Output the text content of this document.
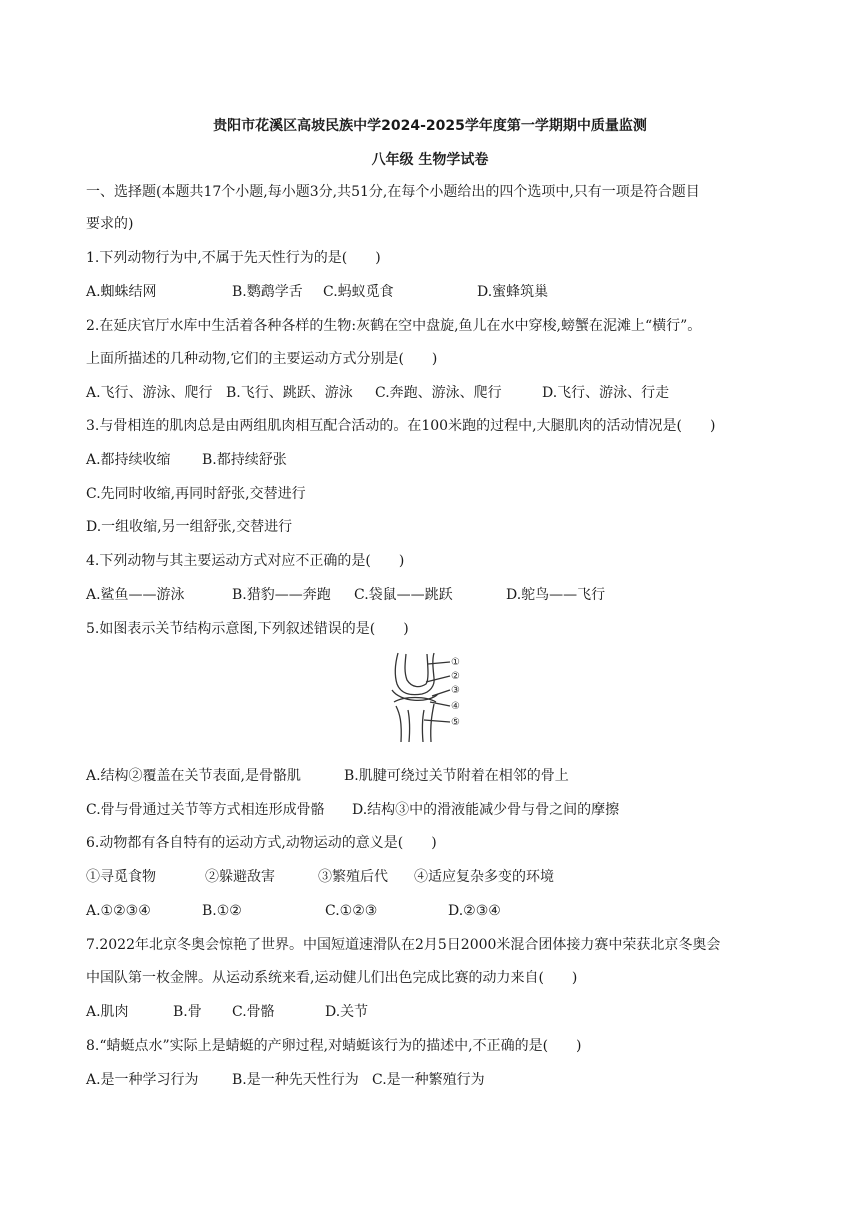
贵阳市花溪区高坡民族中学2024-2025学年度第一学期期中质量监测
八年级 生物学试卷
一、选择题(本题共17个小题,每小题3分,共51分,在每个小题给出的四个选项中,只有一项是符合题目
要求的)
1.下列动物行为中,不属于先天性行为的是(　　)
A.蜘蛛结网	B.鹦鹉学舌 C.蚂蚁觅食	D.蜜蜂筑巢
2.在延庆官厅水库中生活着各种各样的生物:灰鹤在空中盘旋,鱼儿在水中穿梭,螃蟹在泥滩上“横行”。
上面所描述的几种动物,它们的主要运动方式分别是(　　)
A.飞行、游泳、爬行 B.飞行、跳跃、游泳 C.奔跑、游泳、爬行	D.飞行、游泳、行走
3.与骨相连的肌肉总是由两组肌肉相互配合活动的。在100米跑的过程中,大腿肌肉的活动情况是(　　)
A.都持续收缩 B.都持续舒张
C.先同时收缩,再同时舒张,交替进行
D.一组收缩,另一组舒张,交替进行
4.下列动物与其主要运动方式对应不正确的是(　　)
A.鲨鱼——游泳	B.猎豹——奔跑 C.袋鼠——跳跃	D.鸵鸟——飞行
5.如图表示关节结构示意图,下列叙述错误的是(　　)
①
②
③
④
⑤
A.结构②覆盖在关节表面,是骨骼肌	B.肌腱可绕过关节附着在相邻的骨上
C.骨与骨通过关节等方式相连形成骨骼 D.结构③中的滑液能减少骨与骨之间的摩擦
6.动物都有各自特有的运动方式,动物运动的意义是(　　)
①寻觅食物	②躲避敌害	③繁殖后代 ④适应复杂多变的环境
A.①②③④	B.①②	C.①②③	D.②③④
7.2022年北京冬奥会惊艳了世界。中国短道速滑队在2月5日2000米混合团体接力赛中荣获北京冬奥会
中国队第一枚金牌。从运动系统来看,运动健儿们出色完成比赛的动力来自(　　)
A.肌肉	B.骨 C.骨骼	D.关节
8.“蜻蜓点水”实际上是蜻蜓的产卵过程,对蜻蜓该行为的描述中,不正确的是(　　)
A.是一种学习行为 B.是一种先天性行为 C.是一种繁殖行为
